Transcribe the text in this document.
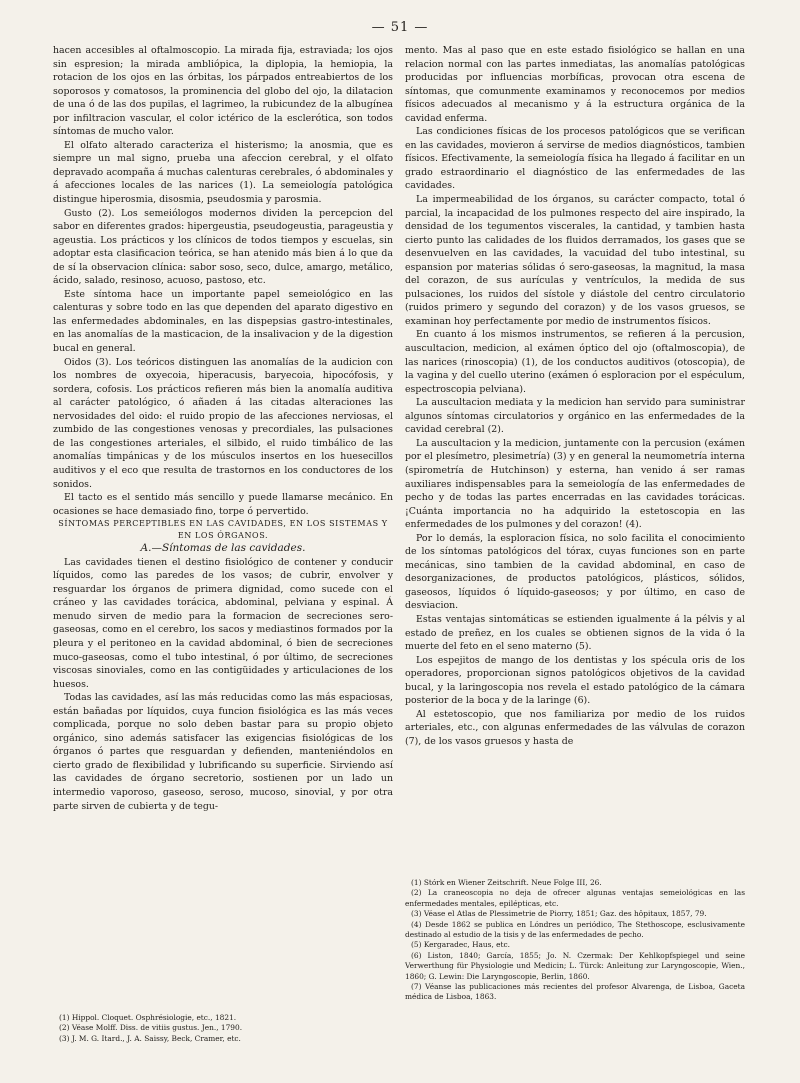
— 51 —

hacen accesibles al oftalmoscopio. La mirada fija, estraviada; los ojos sin espresion; la mirada ambliópica, la diplopia, la hemiopia, la rotacion de los ojos en las órbitas, los párpados entreabiertos de los soporosos y comatosos, la prominencia del globo del ojo, la dilatacion de una ó de las dos pupilas, el lagrimeo, la rubicundez de la albugínea por infiltracion vascular, el color ictérico de la esclerótica, son todos síntomas de mucho valor.

El olfato alterado caracteriza el histerismo; la anosmia, que es siempre un mal signo, prueba una afeccion cerebral, y el olfato depravado acompaña á muchas calenturas cerebrales, ó abdominales y á afecciones locales de las narices (1). La semeiología patológica distingue hiperosmia, disosmia, pseudosmia y parosmia.

Gusto (2). Los semeiólogos modernos dividen la percepcion del sabor en diferentes grados: hipergeustia, pseudogeustia, parageustia y ageustia. Los prácticos y los clínicos de todos tiempos y escuelas, sin adoptar esta clasificacion teórica, se han atenido más bien á lo que da de sí la observacion clínica: sabor soso, seco, dulce, amargo, metálico, ácido, salado, resinoso, acuoso, pastoso, etc.

Este síntoma hace un importante papel semeiológico en las calenturas y sobre todo en las que dependen del aparato digestivo en las enfermedades abdominales, en las dispepsias gastro-intestinales, en las anomalías de la masticacion, de la insalivacion y de la digestion bucal en general.

Oidos (3). Los teóricos distinguen las anomalías de la audicion con los nombres de oxyecoia, hiperacusis, baryecoia, hipocófosis, y sordera, cofosis. Los prácticos refieren más bien la anomalía auditiva al carácter patológico, ó añaden á las citadas alteraciones las nervosidades del oido: el ruido propio de las afecciones nerviosas, el zumbido de las congestiones venosas y precordiales, las pulsaciones de las congestiones arteriales, el silbido, el ruido timbálico de las anomalías timpánicas y de los músculos insertos en los huesecillos auditivos y el eco que resulta de trastornos en los conductores de los sonidos.

El tacto es el sentido más sencillo y puede llamarse mecánico. En ocasiones se hace demasiado fino, torpe ó pervertido.

SÍNTOMAS PERCEPTIBLES EN LAS CAVIDADES, EN LOS SISTEMAS Y EN LOS ÓRGANOS.

A.—Síntomas de las cavidades.

Las cavidades tienen el destino fisiológico de contener y conducir líquidos, como las paredes de los vasos; de cubrir, envolver y resguardar los órganos de primera dignidad, como sucede con el cráneo y las cavidades torácica, abdominal, pelviana y espinal. Á menudo sirven de medio para la formacion de secreciones sero-gaseosas, como en el cerebro, los sacos y mediastinos formados por la pleura y el peritoneo en la cavidad abdominal, ó bien de secreciones muco-gaseosas, como el tubo intestinal, ó por último, de secreciones viscosas sinoviales, como en las contigüidades y articulaciones de los huesos.

Todas las cavidades, así las más reducidas como las más espaciosas, están bañadas por líquidos, cuya funcion fisiológica es las más veces complicada, porque no solo deben bastar para su propio objeto orgánico, sino además satisfacer las exigencias fisiológicas de los órganos ó partes que resguardan y defienden, manteniéndolos en cierto grado de flexibilidad y lubrificando su superficie. Sirviendo así las cavidades de órgano secretorio, sostienen por un lado un intermedio vaporoso, gaseoso, seroso, mucoso, sinovial, y por otra parte sirven de cubierta y de tegu-

mento. Mas al paso que en este estado fisiológico se hallan en una relacion normal con las partes inmediatas, las anomalías patológicas producidas por influencias morbíficas, provocan otra escena de síntomas, que comunmente examinamos y reconocemos por medios físicos adecuados al mecanismo y á la estructura orgánica de la cavidad enferma.

Las condiciones físicas de los procesos patológicos que se verifican en las cavidades, movieron á servirse de medios diagnósticos, tambien físicos. Efectivamente, la semeiología física ha llegado á facilitar en un grado estraordinario el diagnóstico de las enfermedades de las cavidades.

La impermeabilidad de los órganos, su carácter compacto, total ó parcial, la incapacidad de los pulmones respecto del aire inspirado, la densidad de los tegumentos viscerales, la cantidad, y tambien hasta cierto punto las calidades de los fluidos derramados, los gases que se desenvuelven en las cavidades, la vacuidad del tubo intestinal, su espansion por materias sólidas ó sero-gaseosas, la magnitud, la masa del corazon, de sus aurículas y ventrículos, la medida de sus pulsaciones, los ruidos del sístole y diástole del centro circulatorio (ruidos primero y segundo del corazon) y de los vasos gruesos, se examinan hoy perfectamente por medio de instrumentos físicos.

En cuanto á los mismos instrumentos, se refieren á la percusion, auscultacion, medicion, al exámen óptico del ojo (oftalmoscopia), de las narices (rinoscopia) (1), de los conductos auditivos (otoscopia), de la vagina y del cuello uterino (exámen ó esploracion por el espéculum, espectroscopia pelviana).

La auscultacion mediata y la medicion han servido para suministrar algunos síntomas circulatorios y orgánico en las enfermedades de la cavidad cerebral (2).

La auscultacion y la medicion, juntamente con la percusion (exámen por el plesímetro, plesimetría) (3) y en general la neumometría interna (spirometría de Hutchinson) y esterna, han venido á ser ramas auxiliares indispensables para la semeiología de las enfermedades de pecho y de todas las partes encerradas en las cavidades torácicas. ¡Cuánta importancia no ha adquirido la estetoscopia en las enfermedades de los pulmones y del corazon! (4).

Por lo demás, la esploracion física, no solo facilita el conocimiento de los síntomas patológicos del tórax, cuyas funciones son en parte mecánicas, sino tambien de la cavidad abdominal, en caso de desorganizaciones, de productos patológicos, plásticos, sólidos, gaseosos, líquidos ó líquido-gaseosos; y por último, en caso de desviacion.

Estas ventajas sintomáticas se estienden igualmente á la pélvis y al estado de preñez, en los cuales se obtienen signos de la vida ó la muerte del feto en el seno materno (5).

Los espejitos de mango de los dentistas y los spécula oris de los operadores, proporcionan signos patológicos objetivos de la cavidad bucal, y la laringoscopia nos revela el estado patológico de la cámara posterior de la boca y de la laringe (6).

Al estetoscopio, que nos familiariza por medio de los ruidos arteriales, etc., con algunas enfermedades de las válvulas de corazon (7), de los vasos gruesos y hasta de

(1) Hippol. Cloquet. Osphrésiologie, etc., 1821.

(2) Véase Molff. Diss. de vitiis gustus. Jen., 1790.

(3) J. M. G. Itard., J. A. Saissy, Beck, Cramer, etc.

(1) Stórk en Wiener Zeitschrift. Neue Folge III, 26.

(2) La craneoscopia no deja de ofrecer algunas ventajas semeiológicas en las enfermedades mentales, epilépticas, etc.

(3) Véase el Atlas de Plessimetrie de Piorry, 1851; Gaz. des hôpitaux, 1857, 79.

(4) Desde 1862 se publica en Lóndres un periódico, The Stethoscope, esclusivamente destinado al estudio de la tisis y de las enfermedades de pecho.

(5) Kergaradec, Haus, etc.

(6) Liston, 1840; García, 1855; Jo. N. Czermak: Der Kehlkopfspiegel und seine Verwerthung für Physiologie und Medicin; L. Türck: Anleitung zur Laryngoscopie, Wien., 1860; G. Lewin: Die Laryngoscopie, Berlin, 1860.

(7) Véanse las publicaciones más recientes del profesor Alvarenga, de Lisboa, Gaceta médica de Lisboa, 1863.
